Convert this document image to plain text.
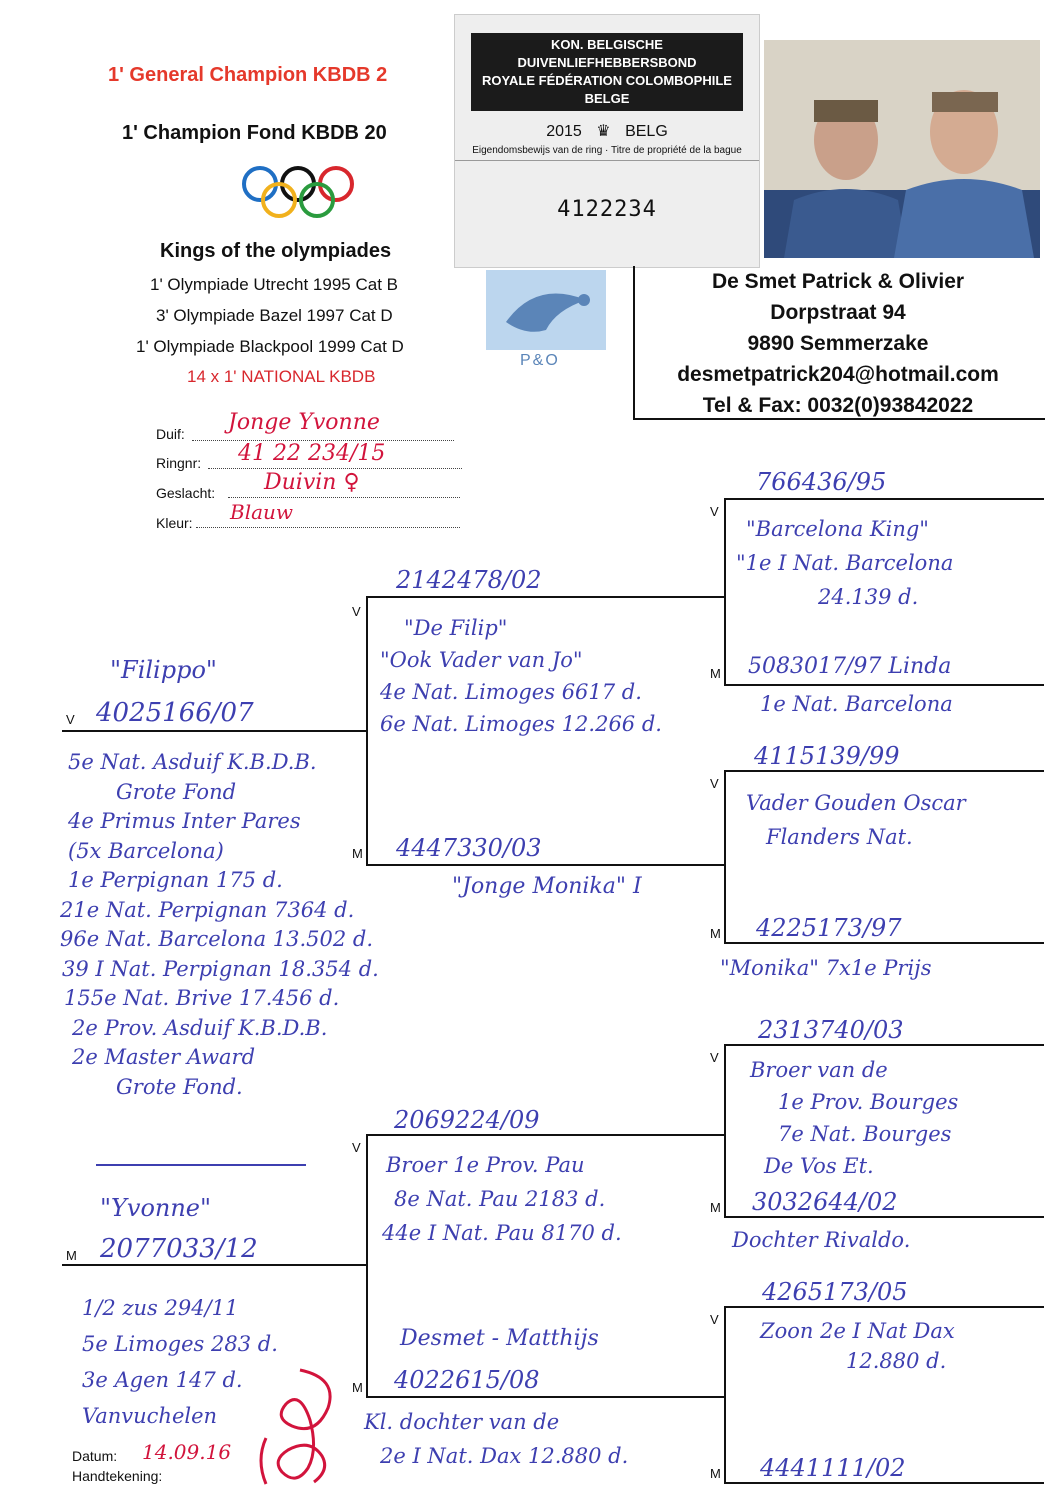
1' General Champion KBDB 2
1' Champion Fond KBDB 20
Kings of the olympiades
1' Olympiade Utrecht 1995 Cat B
3' Olympiade Bazel 1997 Cat D
1' Olympiade Blackpool 1999 Cat D
14 x 1' NATIONAL KBDB
KON. BELGISCHE DUIVENLIEFHEBBERSBOND
ROYALE FÉDÉRATION COLOMBOPHILE BELGE
2015 ♛ BELG
Eigendomsbewijs van de ring · Titre de propriété de la bague
4122234
P&O
De Smet Patrick & Olivier
Dorpstraat 94
9890 Semmerzake
desmetpatrick204@hotmail.com
Tel & Fax: 0032(0)93842022
Duif: Jonge Yvonne
Ringnr: 41 22 234/15
Geslacht: Duivin ♀
Kleur: Blauw
V
M
V
M
V
M
V
M
V
M
V
M
V
M
"Filippo"
4025166/07
5e Nat. Asduif K.B.D.B.
Grote Fond
4e Primus Inter Pares
(5x Barcelona)
1e Perpignan 175 d.
21e Nat. Perpignan 7364 d.
96e Nat. Barcelona 13.502 d.
39 I Nat. Perpignan 18.354 d.
155e Nat. Brive 17.456 d.
2e Prov. Asduif K.B.D.B.
2e Master Award
Grote Fond.
"Yvonne"
2077033/12
1/2 zus 294/11
5e Limoges 283 d.
3e Agen 147 d.
Vanvuchelen
2142478/02
"De Filip"
"Ook Vader van Jo"
4e Nat. Limoges 6617 d.
6e Nat. Limoges 12.266 d.
4447330/03
"Jonge Monika" I
2069224/09
Broer 1e Prov. Pau
8e Nat. Pau 2183 d.
44e I Nat. Pau 8170 d.
Desmet - Matthijs
4022615/08
Kl. dochter van de
2e I Nat. Dax 12.880 d.
766436/95
"Barcelona King"
"1e I Nat. Barcelona
24.139 d.
5083017/97 Linda
1e Nat. Barcelona
4115139/99
Vader Gouden Oscar
Flanders Nat.
4225173/97
"Monika" 7x1e Prijs
2313740/03
Broer van de
1e Prov. Bourges
7e Nat. Bourges
De Vos Et.
3032644/02
Dochter Rivaldo.
4265173/05
Zoon 2e I Nat Dax
12.880 d.
4441111/02
Datum: 14.09.16
Handtekening:
